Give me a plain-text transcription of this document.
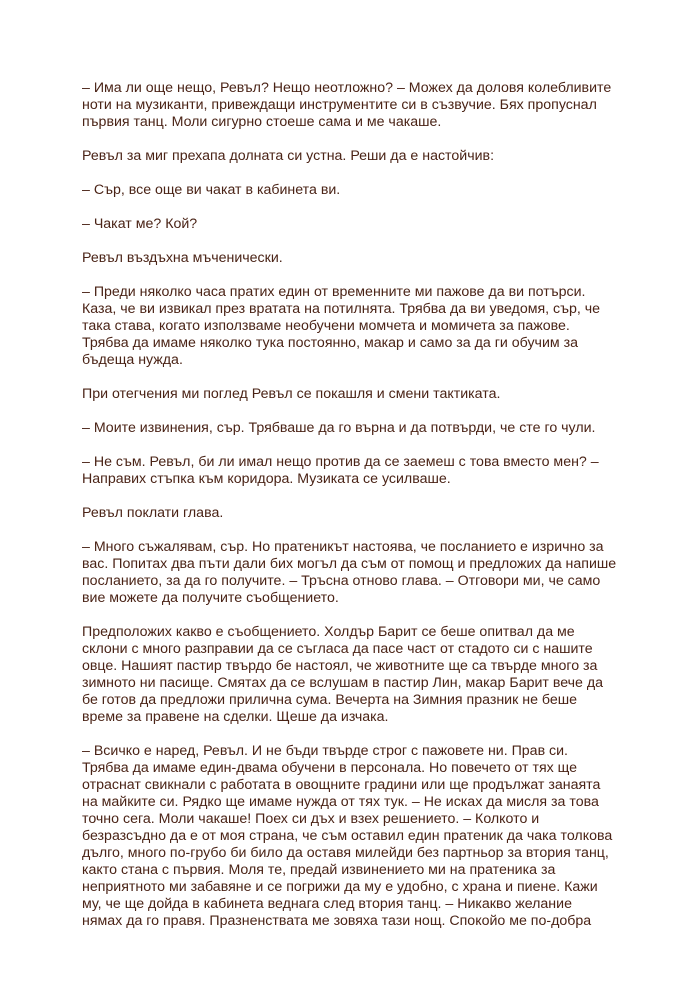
– Има ли още нещо, Ревъл? Нещо неотложно? – Можех да доловя колебливите
ноти на музиканти, привеждащи инструментите си в съзвучие. Бях пропуснал
първия танц. Моли сигурно стоеше сама и ме чакаше.

Ревъл за миг прехапа долната си устна. Реши да е настойчив:

– Сър, все още ви чакат в кабинета ви.

– Чакат ме? Кой?

Ревъл въздъхна мъченически.

– Преди няколко часа пратих един от временните ми пажове да ви потърси.
Каза, че ви извикал през вратата на потилнята. Трябва да ви уведомя, сър, че
така става, когато използваме необучени момчета и момичета за пажове.
Трябва да имаме няколко тука постоянно, макар и само за да ги обучим за
бъдеща нужда.

При отегчения ми поглед Ревъл се покашля и смени тактиката.

– Моите извинения, сър. Трябваше да го върна и да потвърди, че сте го чули.

– Не съм. Ревъл, би ли имал нещо против да се заемеш с това вместо мен? –
Направих стъпка към коридора. Музиката се усилваше.

Ревъл поклати глава.

– Много съжалявам, сър. Но пратеникът настоява, че посланието е изрично за
вас. Попитах два пъти дали бих могъл да съм от помощ и предложих да напише
посланието, за да го получите. – Тръсна отново глава. – Отговори ми, че само
вие можете да получите съобщението.

Предположих какво е съобщението. Холдър Барит се беше опитвал да ме
склони с много разправии да се съгласа да пасе част от стадото си с нашите
овце. Нашият пастир твърдо бе настоял, че животните ще са твърде много за
зимното ни пасище. Смятах да се вслушам в пастир Лин, макар Барит вече да
бе готов да предложи прилична сума. Вечерта на Зимния празник не беше
време за правене на сделки. Щеше да изчака.

– Всичко е наред, Ревъл. И не бъди твърде строг с пажовете ни. Прав си.
Трябва да имаме един-двама обучени в персонала. Но повечето от тях ще
отраснат свикнали с работата в овощните градини или ще продължат занаята
на майките си. Рядко ще имаме нужда от тях тук. – Не исках да мисля за това
точно сега. Моли чакаше! Поех си дъх и взех решението. – Колкото и
безразсъдно да е от моя страна, че съм оставил един пратеник да чака толкова
дълго, много по-грубо би било да оставя милейди без партньор за втория танц,
както стана с първия. Моля те, предай извинението ми на пратеника за
неприятното ми забавяне и се погрижи да му е удобно, с храна и пиене. Кажи
му, че ще дойда в кабинета веднага след втория танц. – Никакво желание
нямах да го правя. Празненствата ме зовяха тази нощ. Спокойо ме по-добра
